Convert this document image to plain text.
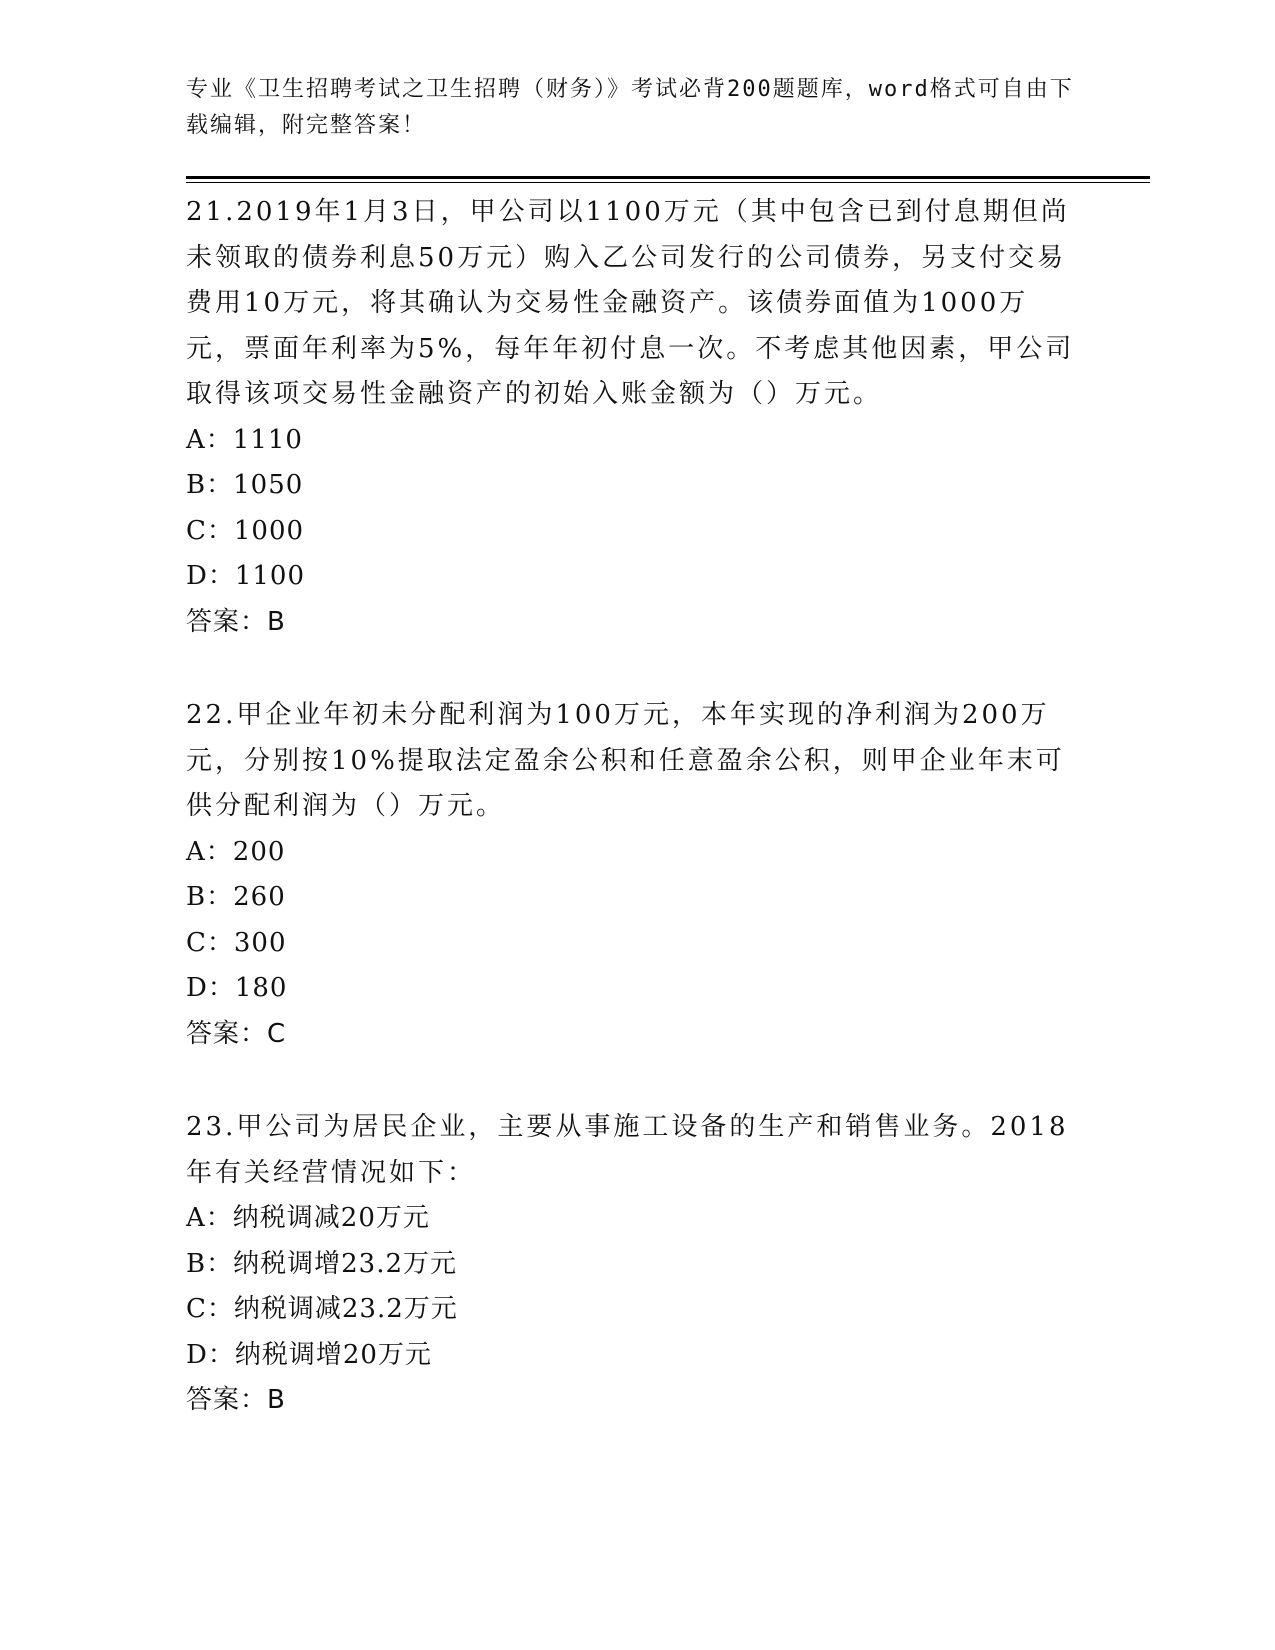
专业《卫生招聘考试之卫生招聘（财务）》考试必背200题题库，word格式可自由下载编辑，附完整答案！

21.2019年1月3日，甲公司以1100万元（其中包含已到付息期但尚未领取的债券利息50万元）购入乙公司发行的公司债券，另支付交易费用10万元，将其确认为交易性金融资产。该债券面值为1000万元，票面年利率为5%，每年年初付息一次。不考虑其他因素，甲公司取得该项交易性金融资产的初始入账金额为（）万元。

A：1110

B：1050

C：1000

D：1100

答案：B

22.甲企业年初未分配利润为100万元，本年实现的净利润为200万元，分别按10%提取法定盈余公积和任意盈余公积，则甲企业年末可供分配利润为（）万元。

A：200

B：260

C：300

D：180

答案：C

23.甲公司为居民企业，主要从事施工设备的生产和销售业务。2018年有关经营情况如下：

A：纳税调减20万元

B：纳税调增23.2万元

C：纳税调减23.2万元

D：纳税调增20万元

答案：B
